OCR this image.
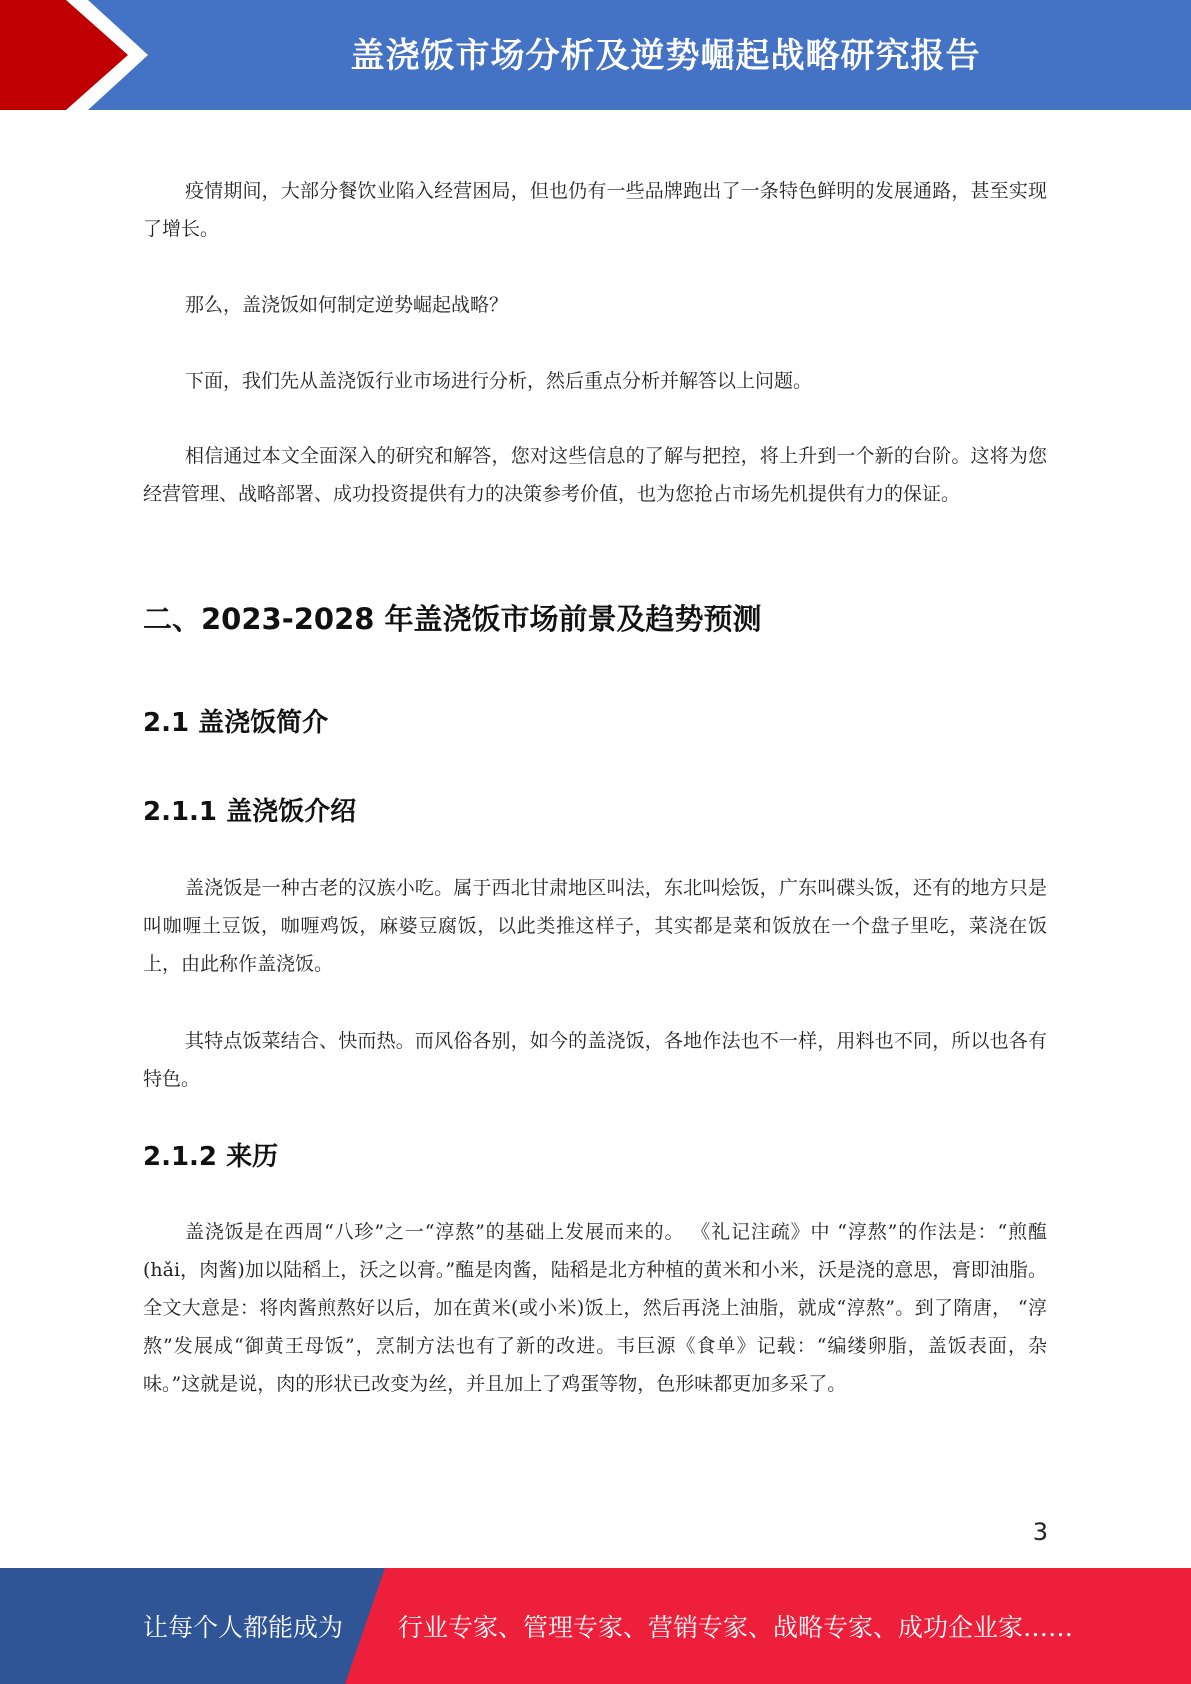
盖浇饭市场分析及逆势崛起战略研究报告

疫情期间，大部分餐饮业陷入经营困局，但也仍有一些品牌跑出了一条特色鲜明的发展通路，甚至实现了增长。

那么，盖浇饭如何制定逆势崛起战略？

下面，我们先从盖浇饭行业市场进行分析，然后重点分析并解答以上问题。

相信通过本文全面深入的研究和解答，您对这些信息的了解与把控，将上升到一个新的台阶。这将为您经营管理、战略部署、成功投资提供有力的决策参考价值，也为您抢占市场先机提供有力的保证。

二、2023-2028 年盖浇饭市场前景及趋势预测
2.1 盖浇饭简介
2.1.1 盖浇饭介绍

盖浇饭是一种古老的汉族小吃。属于西北甘肃地区叫法，东北叫烩饭，广东叫碟头饭，还有的地方只是叫咖喱土豆饭，咖喱鸡饭，麻婆豆腐饭，以此类推这样子，其实都是菜和饭放在一个盘子里吃，菜浇在饭上，由此称作盖浇饭。

其特点饭菜结合、快而热。而风俗各别，如今的盖浇饭，各地作法也不一样，用料也不同，所以也各有特色。

2.1.2 来历

盖浇饭是在西周“八珍”之一“淳熬”的基础上发展而来的。 《礼记注疏》中 “淳熬”的作法是：“煎醢(hǎi，肉酱)加以陆稻上，沃之以膏。”醢是肉酱，陆稻是北方种植的黄米和小米，沃是浇的意思，膏即油脂。全文大意是：将肉酱煎熬好以后，加在黄米(或小米)饭上，然后再浇上油脂，就成“淳熬”。到了隋唐， “淳熬”发展成“御黄王母饭”，烹制方法也有了新的改进。韦巨源《食单》记载：“编缕卵脂，盖饭表面，杂味。”这就是说，肉的形状已改变为丝，并且加上了鸡蛋等物，色形味都更加多采了。

3
让每个人都能成为 行业专家、管理专家、营销专家、战略专家、成功企业家……
